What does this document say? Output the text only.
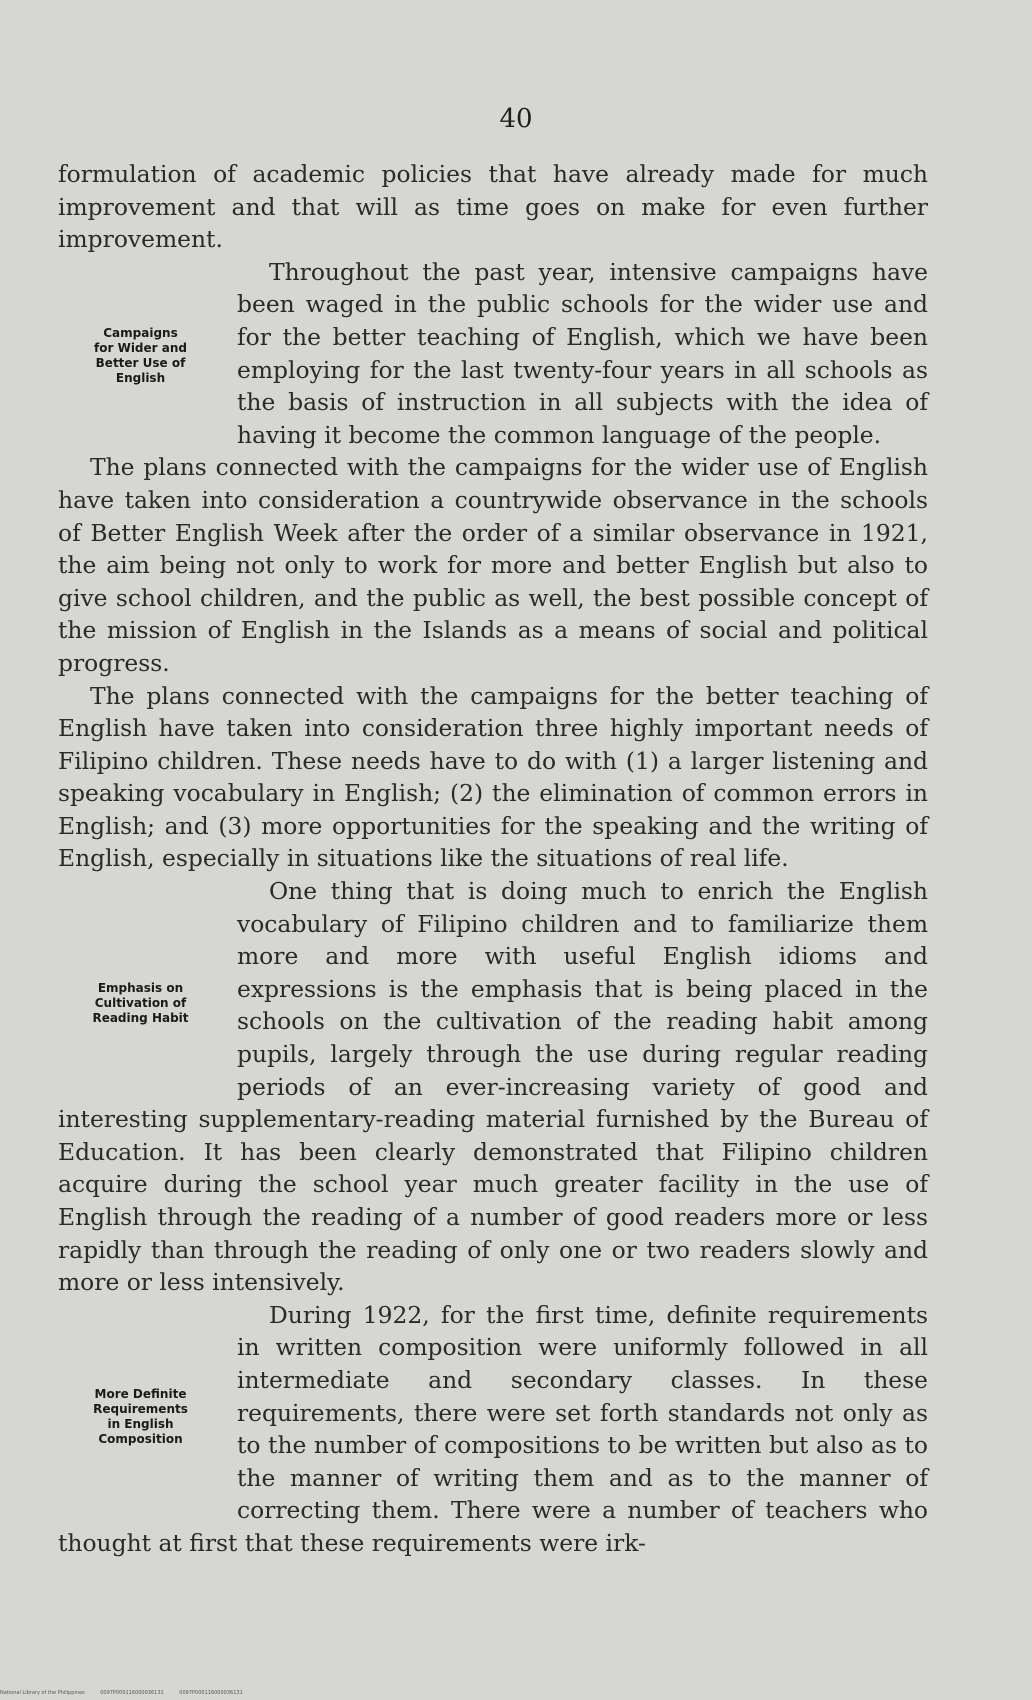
40

formulation of academic policies that have already made for much improvement and that will as time goes on make for even further improvement.

Campaigns
for Wider and
Better Use of
English

Throughout the past year, intensive campaigns have been waged in the public schools for the wider use and for the better teaching of English, which we have been employing for the last twenty-four years in all schools as the basis of instruction in all subjects with the idea of having it become the common language of the people.

The plans connected with the campaigns for the wider use of English have taken into consideration a countrywide observance in the schools of Better English Week after the order of a similar observance in 1921, the aim being not only to work for more and better English but also to give school children, and the public as well, the best possible concept of the mission of English in the Islands as a means of social and political progress.

The plans connected with the campaigns for the better teaching of English have taken into consideration three highly important needs of Filipino children. These needs have to do with (1) a larger listening and speaking vocabulary in English; (2) the elimination of common errors in English; and (3) more opportunities for the speaking and the writing of English, especially in situations like the situations of real life.

Emphasis on
Cultivation of
Reading Habit

One thing that is doing much to enrich the English vocabulary of Filipino children and to familiarize them more and more with useful English idioms and expressions is the emphasis that is being placed in the schools on the cultivation of the reading habit among pupils, largely through the use during regular reading periods of an ever-increasing variety of good and interesting supplementary-reading material furnished by the Bureau of Education. It has been clearly demonstrated that Filipino children acquire during the school year much greater facility in the use of English through the reading of a number of good readers more or less rapidly than through the reading of only one or two readers slowly and more or less intensively.

More Definite
Requirements
in English
Composition

During 1922, for the first time, definite requirements in written composition were uniformly followed in all intermediate and secondary classes. In these requirements, there were set forth standards not only as to the number of compositions to be written but also as to the manner of writing them and as to the manner of correcting them. There were a number of teachers who thought at first that these requirements were irk-

National Library of the Philippines	0097P000116000036131	0097P000116000036131
